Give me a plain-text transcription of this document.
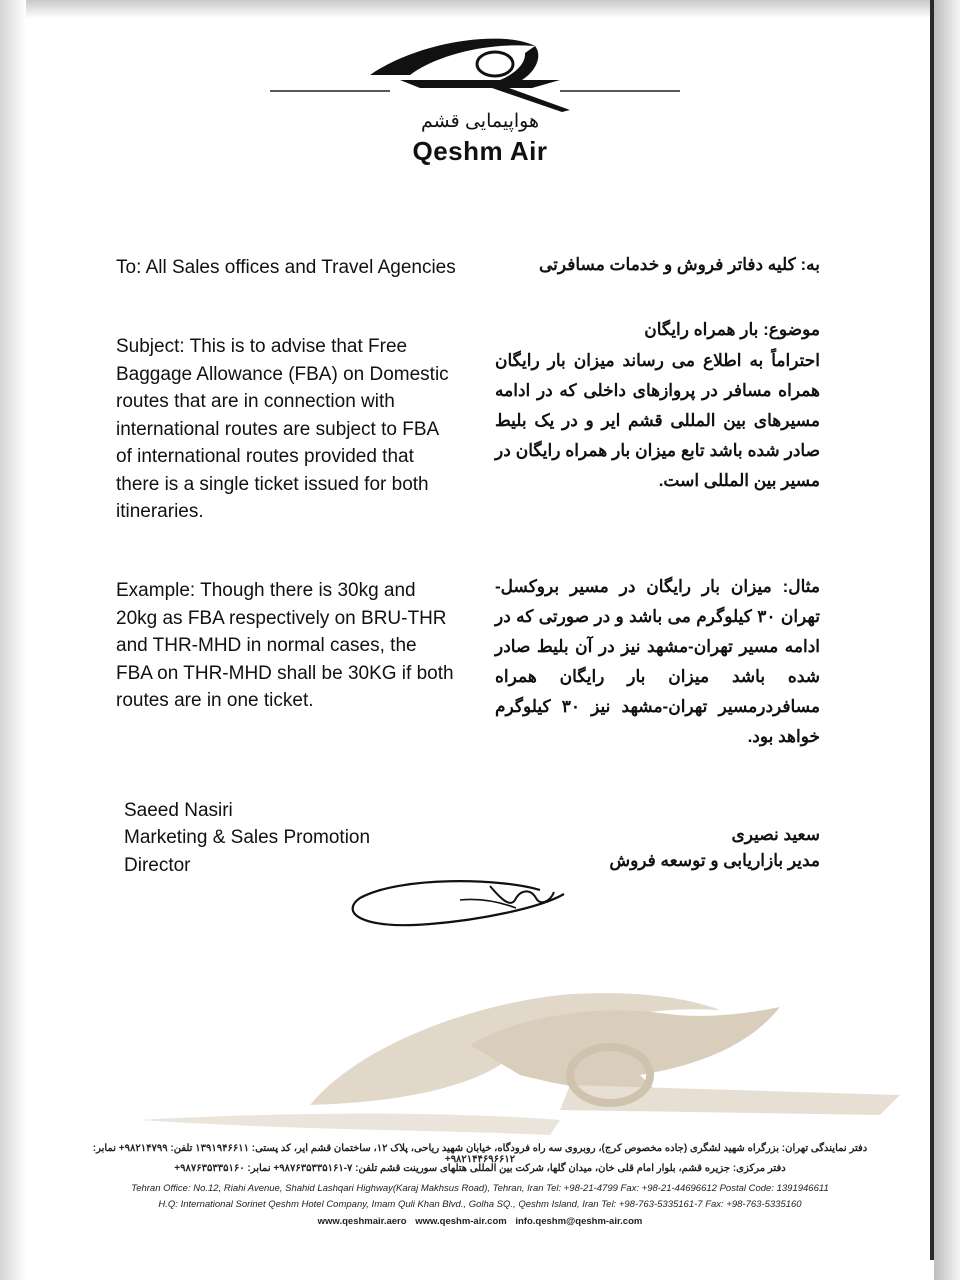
هواپیمایی قشم
Qeshm Air

To: All Sales offices and Travel Agencies

Subject: This is to advise that Free Baggage Allowance (FBA) on Domestic routes that are in connection with international routes are subject to FBA of international routes provided that there is a single ticket issued for both itineraries.

Example: Though there is 30kg and 20kg as FBA respectively on BRU-THR and THR-MHD in normal cases, the FBA on THR-MHD shall be 30KG if both routes are in one ticket.

Saeed Nasiri

Marketing & Sales Promotion Director

به: کلیه دفاتر فروش و خدمات مسافرتی

موضوع: بار همراه رایگان

احتراماً به اطلاع می رساند میزان بار رایگان همراه مسافر در پروازهای داخلی که در ادامه مسیرهای بین المللی قشم ایر و در یک بلیط صادر شده باشد تابع میزان بار همراه رایگان در مسیر بین المللی است.

مثال: میزان بار رایگان در مسیر بروکسل- تهران ۳۰ کیلوگرم می باشد و در صورتی که در ادامه مسیر تهران-مشهد نیز در آن بلیط صادر شده باشد میزان بار رایگان همراه مسافردرمسیر تهران-مشهد نیز ۳۰ کیلوگرم خواهد بود.

سعید نصیری

مدیر بازاریابی و توسعه فروش

دفتر نمایندگی تهران: بزرگراه شهید لشگری (جاده مخصوص کرج)، روبروی سه راه فرودگاه، خیابان شهید ریاحی، پلاک ۱۲، ساختمان قشم ایر، کد پستی: ۱۳۹۱۹۴۶۶۱۱ تلفن: ۹۸۲۱۴۷۹۹+ نمابر: ۹۸۲۱۴۴۶۹۶۶۱۲+
دفتر مرکزی: جزیره قشم، بلوار امام قلی خان، میدان گلها، شرکت بین المللی هتلهای سورینت قشم تلفن: ۷-۹۸۷۶۳۵۳۳۵۱۶۱+ نمابر: ۹۸۷۶۳۵۳۳۵۱۶۰+
Tehran Office: No.12, Riahi Avenue, Shahid Lashqari Highway(Karaj Makhsus Road), Tehran, Iran Tel: +98-21-4799 Fax: +98-21-44696612 Postal Code: 1391946611
H.Q: International Sorinet Qeshm Hotel Company, Imam Quli Khan Blvd., Golha SQ., Qeshm Island, Iran Tel: +98-763-5335161-7 Fax: +98-763-5335160
www.qeshmair.aero www.qeshm-air.com info.qeshm@qeshm-air.com
